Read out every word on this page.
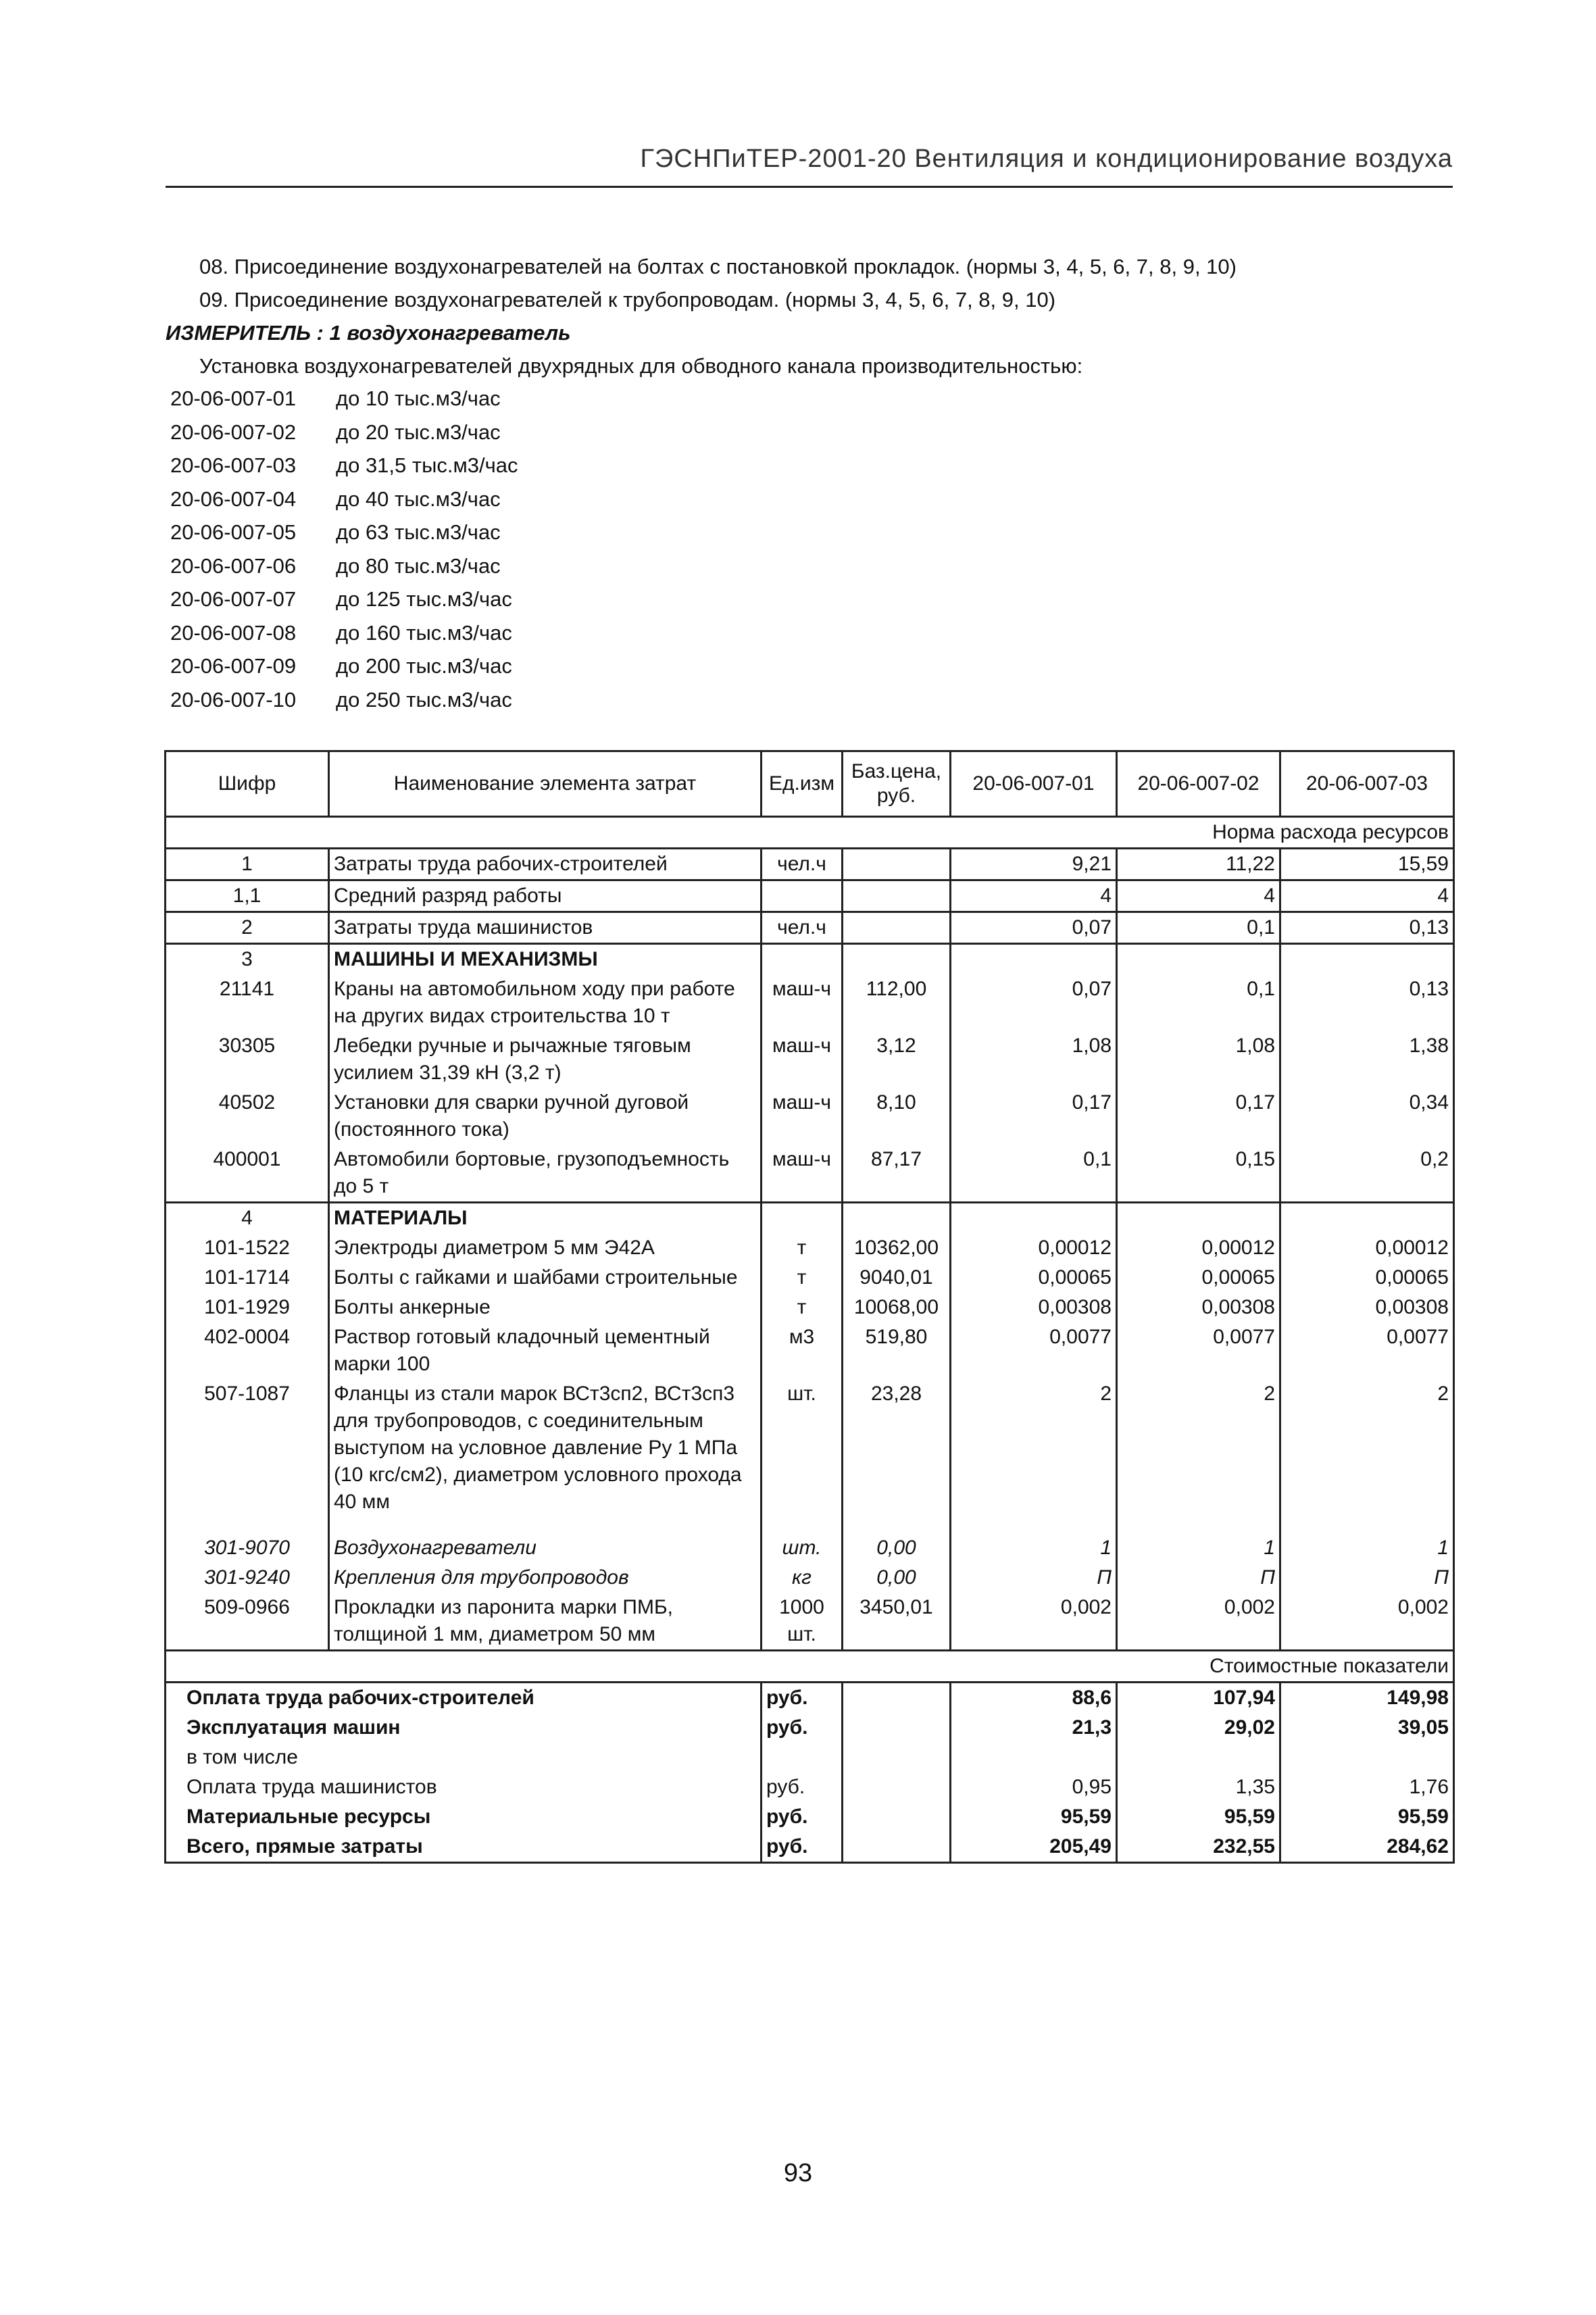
ГЭСНПиТЕР-2001-20 Вентиляция и кондиционирование воздуха
08. Присоединение воздухонагревателей на болтах с постановкой прокладок. (нормы 3, 4, 5, 6, 7, 8, 9, 10)
09. Присоединение воздухонагревателей к трубопроводам. (нормы 3, 4, 5, 6, 7, 8, 9, 10)
ИЗМЕРИТЕЛЬ : 1 воздухонагреватель
Установка воздухонагревателей двухрядных для обводного канала производительностью:
20-06-007-01 до 10 тыс.м3/час
20-06-007-02 до 20 тыс.м3/час
20-06-007-03 до 31,5 тыс.м3/час
20-06-007-04 до 40 тыс.м3/час
20-06-007-05 до 63 тыс.м3/час
20-06-007-06 до 80 тыс.м3/час
20-06-007-07 до 125 тыс.м3/час
20-06-007-08 до 160 тыс.м3/час
20-06-007-09 до 200 тыс.м3/час
20-06-007-10 до 250 тыс.м3/час
Шифр	Наименование элемента затрат	Ед.изм	Баз.цена, руб.	20-06-007-01	20-06-007-02	20-06-007-03
Норма расхода ресурсов						
1	Затраты труда рабочих-строителей	чел.ч		9,21	11,22	15,59
1,1	Средний разряд работы			4	4	4
2	Затраты труда машинистов	чел.ч		0,07	0,1	0,13
3	МАШИНЫ И МЕХАНИЗМЫ					
21141	Краны на автомобильном ходу при работе на других видах строительства 10 т	маш-ч	112,00	0,07	0,1	0,13
30305	Лебедки ручные и рычажные тяговым усилием 31,39 кН (3,2 т)	маш-ч	3,12	1,08	1,08	1,38
40502	Установки для сварки ручной дуговой (постоянного тока)	маш-ч	8,10	0,17	0,17	0,34
400001	Автомобили бортовые, грузоподъемность до 5 т	маш-ч	87,17	0,1	0,15	0,2
4	МАТЕРИАЛЫ					
101-1522	Электроды диаметром 5 мм Э42А	т	10362,00	0,00012	0,00012	0,00012
101-1714	Болты с гайками и шайбами строительные	т	9040,01	0,00065	0,00065	0,00065
101-1929	Болты анкерные	т	10068,00	0,00308	0,00308	0,00308
402-0004	Раствор готовый кладочный цементный марки 100	м3	519,80	0,0077	0,0077	0,0077
507-1087	Фланцы из стали марок ВСт3сп2, ВСт3сп3 для трубопроводов, с соединительным выступом на условное давление Ру 1 МПа (10 кгс/см2), диаметром условного прохода 40 мм	шт.	23,28	2	2	2
301-9070	Воздухонагреватели	шт.	0,00	1	1	1
301-9240	Крепления для трубопроводов	кг	0,00	П	П	П
509-0966	Прокладки из паронита марки ПМБ, толщиной 1 мм, диаметром 50 мм	1000 шт.	3450,01	0,002	0,002	0,002
Стоимостные показатели						
Оплата труда рабочих-строителей		руб.		88,6	107,94	149,98
Эксплуатация машин		руб.		21,3	29,02	39,05
в том числе						
Оплата труда машинистов		руб.		0,95	1,35	1,76
Материальные ресурсы		руб.		95,59	95,59	95,59
Всего, прямые затраты		руб.		205,49	232,55	284,62
93
